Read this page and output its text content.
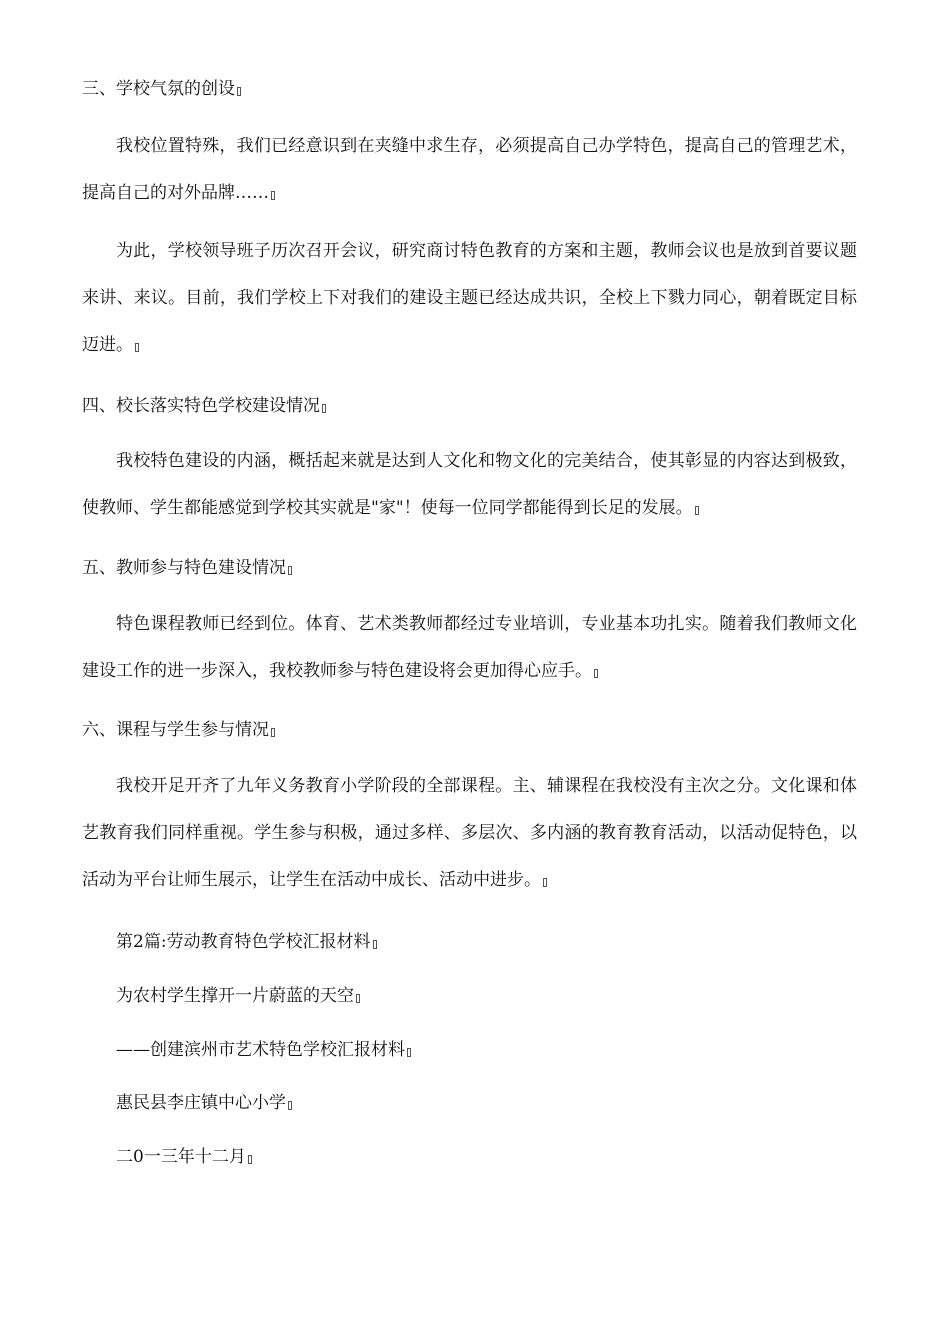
三、学校气氛的创设
我校位置特殊，我们已经意识到在夹缝中求生存，必须提高自己办学特色，提高自己的管理艺术，提高自己的对外品牌……
为此，学校领导班子历次召开会议，研究商讨特色教育的方案和主题，教师会议也是放到首要议题来讲、来议。目前，我们学校上下对我们的建设主题已经达成共识，全校上下戮力同心，朝着既定目标迈进。
四、校长落实特色学校建设情况
我校特色建设的内涵，概括起来就是达到人文化和物文化的完美结合，使其彰显的内容达到极致，使教师、学生都能感觉到学校其实就是"家"！使每一位同学都能得到长足的发展。
五、教师参与特色建设情况
特色课程教师已经到位。体育、艺术类教师都经过专业培训，专业基本功扎实。随着我们教师文化建设工作的进一步深入，我校教师参与特色建设将会更加得心应手。
六、课程与学生参与情况
我校开足开齐了九年义务教育小学阶段的全部课程。主、辅课程在我校没有主次之分。文化课和体艺教育我们同样重视。学生参与积极，通过多样、多层次、多内涵的教育教育活动，以活动促特色，以活动为平台让师生展示，让学生在活动中成长、活动中进步。
第2篇:劳动教育特色学校汇报材料
为农村学生撑开一片蔚蓝的天空
——创建滨州市艺术特色学校汇报材料
惠民县李庄镇中心小学
二0一三年十二月
